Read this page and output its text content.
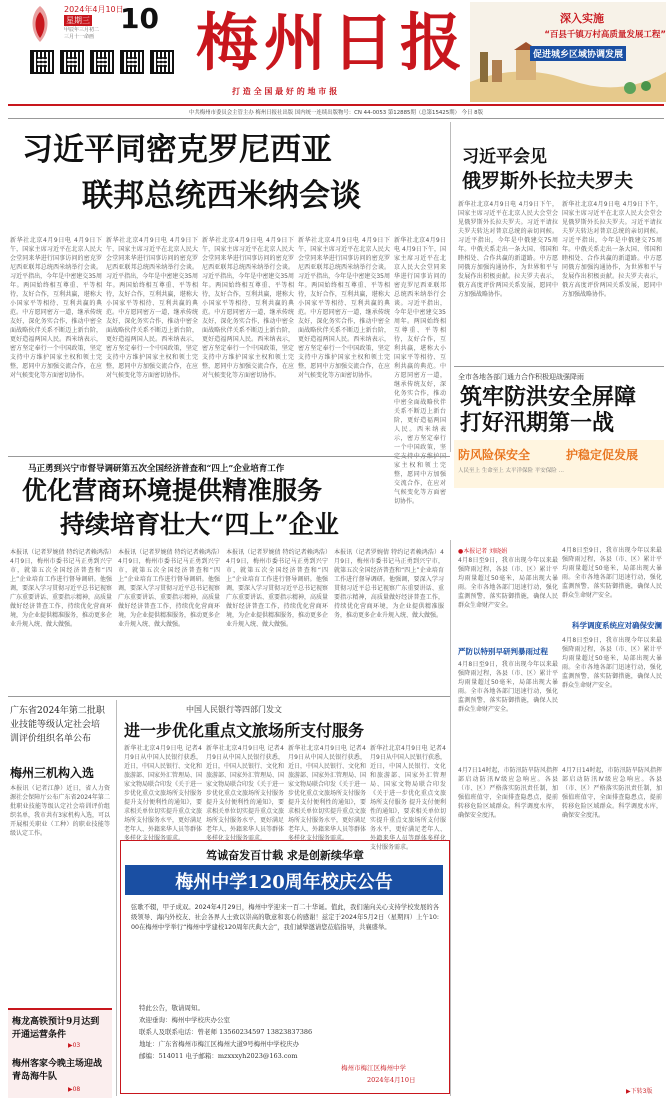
2024年4月10日
星期三
甲辰年三月初二
三月十一命画
10 梅州日报
打 造 全 国 最 好 的 地 市 报
深入实施
“百县千镇万村高质量发展工程”
促进城乡区域协调发展
中共梅州市委员会主管主办 梅州日报社出版 国内统一连续出版物号：CN 44-0053 第12885期（总第15425期） 今日 8版
习近平同密克罗尼西亚
联邦总统西米纳会谈
新华社北京4月9日电 4月9日下午，国家主席习近平在北京人民大会堂同来华进行国事访问的密克罗尼西亚联邦总统西米纳举行会谈。习近平指出，今年是中密建交35周年。两国始终相互尊重、平等相待，友好合作，互利共赢，堪称大小国家平等相待、互利共赢的典范。中方愿同密方一道，继承传统友好，深化务实合作，推动中密全面战略伙伴关系不断迈上新台阶，更好造福两国人民。西米纳表示，密方坚定奉行一个中国政策，坚定支持中方维护国家主权和领土完整，愿同中方加强交流合作，在应对气候变化等方面密切协作。
新华社北京4月9日电 4月9日下午，国家主席习近平在北京人民大会堂同来华进行国事访问的密克罗尼西亚联邦总统西米纳举行会谈。习近平指出，今年是中密建交35周年。两国始终相互尊重、平等相待，友好合作，互利共赢，堪称大小国家平等相待、互利共赢的典范。中方愿同密方一道，继承传统友好，深化务实合作，推动中密全面战略伙伴关系不断迈上新台阶，更好造福两国人民。西米纳表示，密方坚定奉行一个中国政策，坚定支持中方维护国家主权和领土完整，愿同中方加强交流合作，在应对气候变化等方面密切协作。
新华社北京4月9日电 4月9日下午，国家主席习近平在北京人民大会堂同来华进行国事访问的密克罗尼西亚联邦总统西米纳举行会谈。习近平指出，今年是中密建交35周年。两国始终相互尊重、平等相待，友好合作，互利共赢，堪称大小国家平等相待、互利共赢的典范。中方愿同密方一道，继承传统友好，深化务实合作，推动中密全面战略伙伴关系不断迈上新台阶，更好造福两国人民。西米纳表示，密方坚定奉行一个中国政策，坚定支持中方维护国家主权和领土完整，愿同中方加强交流合作，在应对气候变化等方面密切协作。
新华社北京4月9日电 4月9日下午，国家主席习近平在北京人民大会堂同来华进行国事访问的密克罗尼西亚联邦总统西米纳举行会谈。习近平指出，今年是中密建交35周年。两国始终相互尊重、平等相待，友好合作，互利共赢，堪称大小国家平等相待、互利共赢的典范。中方愿同密方一道，继承传统友好，深化务实合作，推动中密全面战略伙伴关系不断迈上新台阶，更好造福两国人民。西米纳表示，密方坚定奉行一个中国政策，坚定支持中方维护国家主权和领土完整，愿同中方加强交流合作，在应对气候变化等方面密切协作。
新华社北京4月9日电 4月9日下午，国家主席习近平在北京人民大会堂同来华进行国事访问的密克罗尼西亚联邦总统西米纳举行会谈。习近平指出，今年是中密建交35周年。两国始终相互尊重、平等相待，友好合作，互利共赢，堪称大小国家平等相待、互利共赢的典范。中方愿同密方一道，继承传统友好，深化务实合作，推动中密全面战略伙伴关系不断迈上新台阶，更好造福两国人民。西米纳表示，密方坚定奉行一个中国政策，坚 家主权和领土完整，愿同中方加强交流合作，在应对气候变化等方面密切协作。
习近平会见
俄罗斯外长拉夫罗夫
新华社北京4月9日电 4月9日下午，国家主席习近平在北京人民大会堂会见俄罗斯外长拉夫罗夫。习近平请拉夫罗夫转达对普京总统的亲切问候。习近平指出，今年是中俄建交75周年。中俄关系走出一条大国、邻国和睦相处、合作共赢的新道路。中方愿同俄方加强沟通协作，为世界和平与发展作出积极贡献。拉夫罗夫表示，俄方高度评价两国关系发展，愿同中方加强战略协作。
新华社北京4月9日电 4月9日下午，国家主席习近平在北京人民大会堂会见俄罗斯外长拉夫罗夫。习近平请拉夫罗夫转达对普京总统的亲切问候。习近平指出，今年是中俄建交75周年。中俄关系走出一条大国、邻国和睦相处、合作共赢的新道路。中方愿同俄方加强沟通协作，为世界和平与发展作出积极贡献。拉夫罗夫表示，俄方高度评价两国关系发展，愿同中方加强战略协作。
全市各地各部门通力合作积极迎战强降雨
筑牢防洪安全屏障
打好汛期第一战
防风险保安全	护稳定促发展
人民至上 生命至上 太平洋保险 平安保险 …
●本报记者 刘晓娟
4月8日至9日，我市出现今年以来最强降雨过程，各县（市、区）累计平均雨量超过50毫米，局部出现大暴雨。全市各地各部门迅速行动，强化监测预警，落实防御措施，确保人民群众生命财产安全。
4月8日至9日，我市出现今年以来最强降雨过程，各县（市、区）累计平均雨量超过50毫米，局部出现大暴雨。全市各地各部门迅速行动，强化监测预警，落实防御措施，确保人民群众生命财产安全。
严防以特别早研判暴雨过程
科学调度系统应对确保安澜
4月8日至9日，我市出现今年以来最强降雨过程，各县（市、区）累计平均雨量超过50毫米，局部出现大暴雨。全市各地各部门迅速行动，强化监测预警，落实防御措施，确保人民群众生命财产安全。
4月8日至9日，我市出现今年以来最强降雨过程，各县（市、区）累计平均雨量超过50毫米，局部出现大暴雨。全市各地各部门迅速行动，强化监测预警，落实防御措施，确保人民群众生命财产安全。
马正勇到兴宁市督导调研第五次全国经济普查和“四上”企业培育工作
优化营商环境提供精准服务
持续培育壮大“四上”企业
本报讯（记者罗婉倩 特约记者赖鸿浩）4月9日，梅州市委书记马正勇到兴宁市，就第五次全国经济普查和“四上”企业培育工作进行督导调研。他强调，要深入学习贯彻习近平总书记视察广东重要讲话、重要指示精神，高质量做好经济普查工作，持续优化营商环境，为企业提供精准服务，推动更多企业升规入统、做大做强。
本报讯（记者罗婉倩 特约记者赖鸿浩）4月9日，梅州市委书记马正勇到兴宁市，就第五次全国经济普查和“四上”企业培育工作进行督导调研。他强调，要深入学习贯彻习近平总书记视察广东重要讲话、重要指示精神，高质量做好经济普查工作，持续优化营商环境，为企业提供精准服务，推动更多企业升规入统、做大做强。
本报讯（记者罗婉倩 特约记者赖鸿浩）4月9日，梅州市委书记马正勇到兴宁市，就第五次全国经济普查和“四上”企业培育工作进行督导调研。他强调，要深入学习贯彻习近平总书记视察广东重要讲话、重要指示精神，高质量做好经济普查工作，持续优化营商环境，为企业提供精准服务，推动更多企业升规入统、做大做强。
本报讯（记者罗婉倩 特约记者赖鸿浩）4月9日，梅州市委书记马正勇到兴宁市，就第五次全国经济普查和“四上”企业培育工作进行督导调研。他强调，要深入学习贯彻习近平总书记视察广东重要讲话、重要指示精神，高质量做好经济普查工作，持续优化营商环境，为企业提供精准服务，推动更多企业升规入统、做大做强。
广东省2024年第二批职业技能等级认定社会培训评价组织名单公布
梅州三机构入选
本报讯（记者江静）近日，省人力资源社会保障厅公布广东省2024年第二批职业技能等级认定社会培训评价组织名单，我市共有3家机构入选，可以开展相关职业（工种）的职业技能等级认定工作。
梅龙高铁预计9月达到开通运营条件
▶03
梅州客家今晚主场迎战青岛海牛队
▶08
中国人民银行等四部门发文
进一步优化重点文旅场所支付服务
新华社北京4月9日电 记者4月9日从中国人民银行获悉，近日，中国人民银行、文化和旅游部、国家外汇管理局、国家文物局联合印发《关于进一步优化重点文旅场所支付服务 提升支付便利性的通知》，要求相关单位切实提升重点文旅场所支付服务水平，更好满足老年人、外籍来华人员等群体多样化支付服务需求。
新华社北京4月9日电 记者4月9日从中国人民银行获悉，近日，中国人民银行、文化和旅游部、国家外汇管理局、国家文物局联合印发《关于进一步优化重点文旅场所支付服务 提升支付便利性的通知》，要求相关单位切实提升重点文旅场所支付服务水平，更好满足老年人、外籍来华人员等群体多样化支付服务需求。
新华社北京4月9日电 记者4月9日从中国人民银行获悉，近日，中国人民银行、文化和旅游部、国家外汇管理局、国家文物局联合印发《关于进一步优化重点文旅场所支付服务 提升支付便利性的通知》，要求相关单位切实提升重点文旅场所支付服务水平，更好满足老年人、外籍来华人员等群体多样化支付服务需求。
新华社北京4月9日电 记者4月9日从中国人民银行获悉，近日，中国人民银行、文化和旅游部、国家外汇管理局、国家文物局联合印发《关于进一步优化重点文旅场所支付服务 提升支付便利性的通知》，要求相关单位切实提升重点文旅场所支付服务水平，更好满足老年人、外籍来华人员等群体多样化支付服务需求。
笃诚奋发百廿载 求是创新续华章
梅州中学120周年校庆公告
弦歌不辍，甲子成双。2024年4月29日，梅州中学迎来一百二十华诞。值此，我们谨向关心支持学校发展的各级领导、海内外校友、社会各界人士致以崇高的敬意和衷心的感谢！兹定于2024年5月2日（星期四）上午10:00在梅州中学举行“梅州中学建校120周年庆典大会”，我们诚挚邀请您莅临指导，共襄盛举。
特此公告，敬请周知。
欢迎垂询：梅州中学校庆办公室
联系人及联系电话：曾老师 13560234597 13823837386
地址：广东省梅州市梅江区梅州大道9号梅州中学校庆办
邮编：514011 电子邮箱：mzxxxyh2023@163.com
梅州市梅江区梅州中学
2024年4月10日
4月7日14时起，市防汛防旱防风指挥部启动防汛Ⅳ级应急响应。各县（市、区）严格落实防汛责任制，加强值班值守，全面排查隐患点，提前转移危险区域群众。科学调度水库，确保安全度汛。
4月7日14时起，市防汛防旱防风指挥部启动防汛Ⅳ级应急响应。各县（市、区）严格落实防汛责任制，加强值班值守，全面排查隐患点，提前转移危险区域群众。科学调度水库，确保安全度汛。
▶下转3版
